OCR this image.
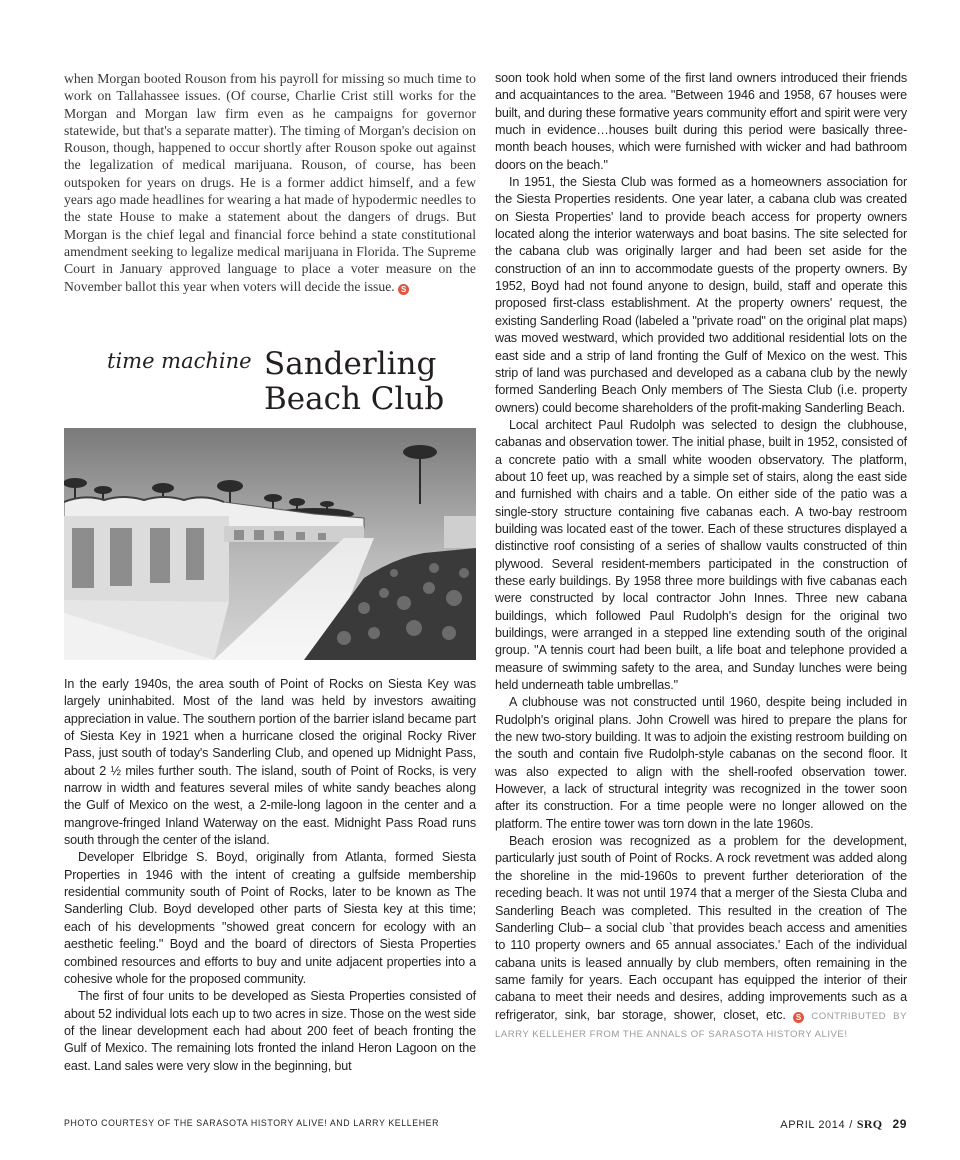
when Morgan booted Rouson from his payroll for missing so much time to work on Tallahassee issues. (Of course, Charlie Crist still works for the Morgan and Morgan law firm even as he campaigns for governor statewide, but that's a separate matter). The timing of Morgan's decision on Rouson, though, happened to occur shortly after Rouson spoke out against the legalization of medical marijuana. Rouson, of course, has been outspoken for years on drugs. He is a former addict himself, and a few years ago made headlines for wearing a hat made of hypodermic needles to the state House to make a statement about the dangers of drugs. But Morgan is the chief legal and financial force behind a state constitutional amendment seeking to legalize medical marijuana in Florida. The Supreme Court in January approved language to place a voter measure on the November ballot this year when voters will decide the issue. S

time machine Sanderling
Beach Club

In the early 1940s, the area south of Point of Rocks on Siesta Key was largely uninhabited. Most of the land was held by investors awaiting appreciation in value. The southern portion of the barrier island became part of Siesta Key in 1921 when a hurricane closed the original Rocky River Pass, just south of today's Sanderling Club, and opened up Midnight Pass, about 2 ½ miles further south. The island, south of Point of Rocks, is very narrow in width and features several miles of white sandy beaches along the Gulf of Mexico on the west, a 2-mile-long lagoon in the center and a mangrove-fringed Inland Waterway on the east. Midnight Pass Road runs south through the center of the island.

Developer Elbridge S. Boyd, originally from Atlanta, formed Siesta Properties in 1946 with the intent of creating a gulfside membership residential community south of Point of Rocks, later to be known as The Sanderling Club. Boyd developed other parts of Siesta key at this time; each of his developments "showed great concern for ecology with an aesthetic feeling." Boyd and the board of directors of Siesta Properties combined resources and efforts to buy and unite adjacent properties into a cohesive whole for the proposed community.

The first of four units to be developed as Siesta Properties consisted of about 52 individual lots each up to two acres in size. Those on the west side of the linear development each had about 200 feet of beach fronting the Gulf of Mexico. The remaining lots fronted the inland Heron Lagoon on the east. Land sales were very slow in the beginning, but

soon took hold when some of the first land owners introduced their friends and acquaintances to the area. "Between 1946 and 1958, 67 houses were built, and during these formative years community effort and spirit were very much in evidence…houses built during this period were basically three-month beach houses, which were furnished with wicker and had bathroom doors on the beach."

In 1951, the Siesta Club was formed as a homeowners association for the Siesta Properties residents. One year later, a cabana club was created on Siesta Properties' land to provide beach access for property owners located along the interior waterways and boat basins. The site selected for the cabana club was originally larger and had been set aside for the construction of an inn to accommodate guests of the property owners. By 1952, Boyd had not found anyone to design, build, staff and operate this proposed first-class establishment. At the property owners' request, the existing Sanderling Road (labeled a "private road" on the original plat maps) was moved westward, which provided two additional residential lots on the east side and a strip of land fronting the Gulf of Mexico on the west. This strip of land was purchased and developed as a cabana club by the newly formed Sanderling Beach Only members of The Siesta Club (i.e. property owners) could become shareholders of the profit-making Sanderling Beach.

Local architect Paul Rudolph was selected to design the clubhouse, cabanas and observation tower. The initial phase, built in 1952, consisted of a concrete patio with a small white wooden observatory. The platform, about 10 feet up, was reached by a simple set of stairs, along the east side and furnished with chairs and a table. On either side of the patio was a single-story structure containing five cabanas each. A two-bay restroom building was located east of the tower. Each of these structures displayed a distinctive roof consisting of a series of shallow vaults constructed of thin plywood. Several resident-members participated in the construction of these early buildings. By 1958 three more buildings with five cabanas each were constructed by local contractor John Innes. Three new cabana buildings, which followed Paul Rudolph's design for the original two buildings, were arranged in a stepped line extending south of the original group. "A tennis court had been built, a life boat and telephone provided a measure of swimming safety to the area, and Sunday lunches were being held underneath table umbrellas."

A clubhouse was not constructed until 1960, despite being included in Rudolph's original plans. John Crowell was hired to prepare the plans for the new two-story building. It was to adjoin the existing restroom building on the south and contain five Rudolph-style cabanas on the second floor. It was also expected to align with the shell-roofed observation tower. However, a lack of structural integrity was recognized in the tower soon after its construction. For a time people were no longer allowed on the platform. The entire tower was torn down in the late 1960s.

Beach erosion was recognized as a problem for the development, particularly just south of Point of Rocks. A rock revetment was added along the shoreline in the mid-1960s to prevent further deterioration of the receding beach. It was not until 1974 that a merger of the Siesta Cluba and Sanderling Beach was completed. This resulted in the creation of The Sanderling Club– a social club `that provides beach access and amenities to 110 property owners and 65 annual associates.' Each of the individual cabana units is leased annually by club members, often remaining in the same family for years. Each occupant has equipped the interior of their cabana to meet their needs and desires, adding improvements such as a refrigerator, sink, bar storage, shower, closet, etc. S CONTRIBUTED BY LARRY KELLEHER FROM THE ANNALS OF SARASOTA HISTORY ALIVE!

PHOTO COURTESY OF THE SARASOTA HISTORY ALIVE! AND LARRY KELLEHER	APRIL 2014 / SRQ 29
